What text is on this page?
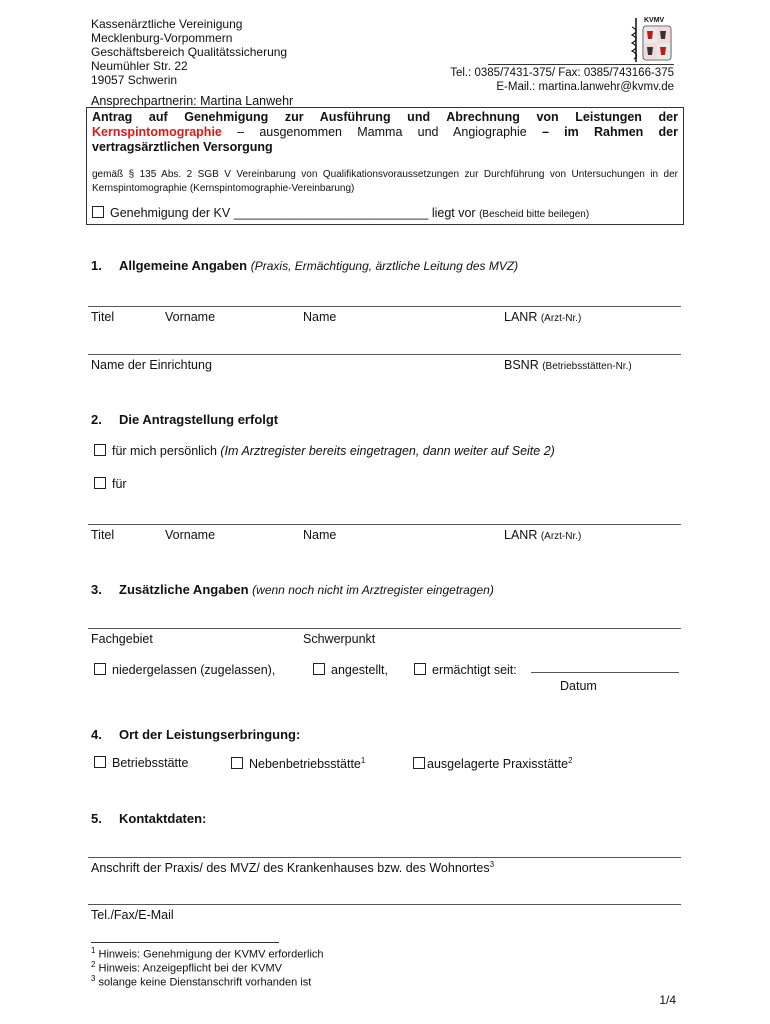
Kassenärztliche Vereinigung
Mecklenburg-Vorpommern
Geschäftsbereich Qualitätssicherung
Neumühler Str. 22
19057 Schwerin
KVMV
Tel.: 0385/7431-375/ Fax: 0385/743166-375
E-Mail.: martina.lanwehr@kvmv.de
Ansprechpartnerin: Martina Lanwehr
Antrag auf Genehmigung zur Ausführung und Abrechnung von Leistungen der Kernspintomographie – ausgenommen Mamma und Angiographie – im Rahmen der vertragsärztlichen Versorgung
gemäß § 135 Abs. 2 SGB V Vereinbarung von Qualifikationsvoraussetzungen zur Durchführung von Untersuchungen in der Kernspintomographie (Kernspintomographie-Vereinbarung)
Genehmigung der KV ____________________________ liegt vor (Bescheid bitte beilegen)
1. Allgemeine Angaben (Praxis, Ermächtigung, ärztliche Leitung des MVZ)
Titel	Vorname	Name	LANR (Arzt-Nr.)
Name der Einrichtung	BSNR (Betriebsstätten-Nr.)
2. Die Antragstellung erfolgt
für mich persönlich (Im Arztregister bereits eingetragen, dann weiter auf Seite 2)
für
Titel	Vorname	Name	LANR (Arzt-Nr.)
3. Zusätzliche Angaben (wenn noch nicht im Arztregister eingetragen)
Fachgebiet	Schwerpunkt
niedergelassen (zugelassen),	angestellt,	ermächtigt seit:
Datum
4. Ort der Leistungserbringung:
Betriebsstätte	Nebenbetriebsstätte$^1$	ausgelagerte Praxisstätte$^2$
5. Kontaktdaten:
Anschrift der Praxis/ des MVZ/ des Krankenhauses bzw. des Wohnortes$^3$
Tel./Fax/E-Mail
$^1$ Hinweis: Genehmigung der KVMV erforderlich
$^2$ Hinweis: Anzeigepflicht bei der KVMV
$^3$ solange keine Dienstanschrift vorhanden ist
1/4
